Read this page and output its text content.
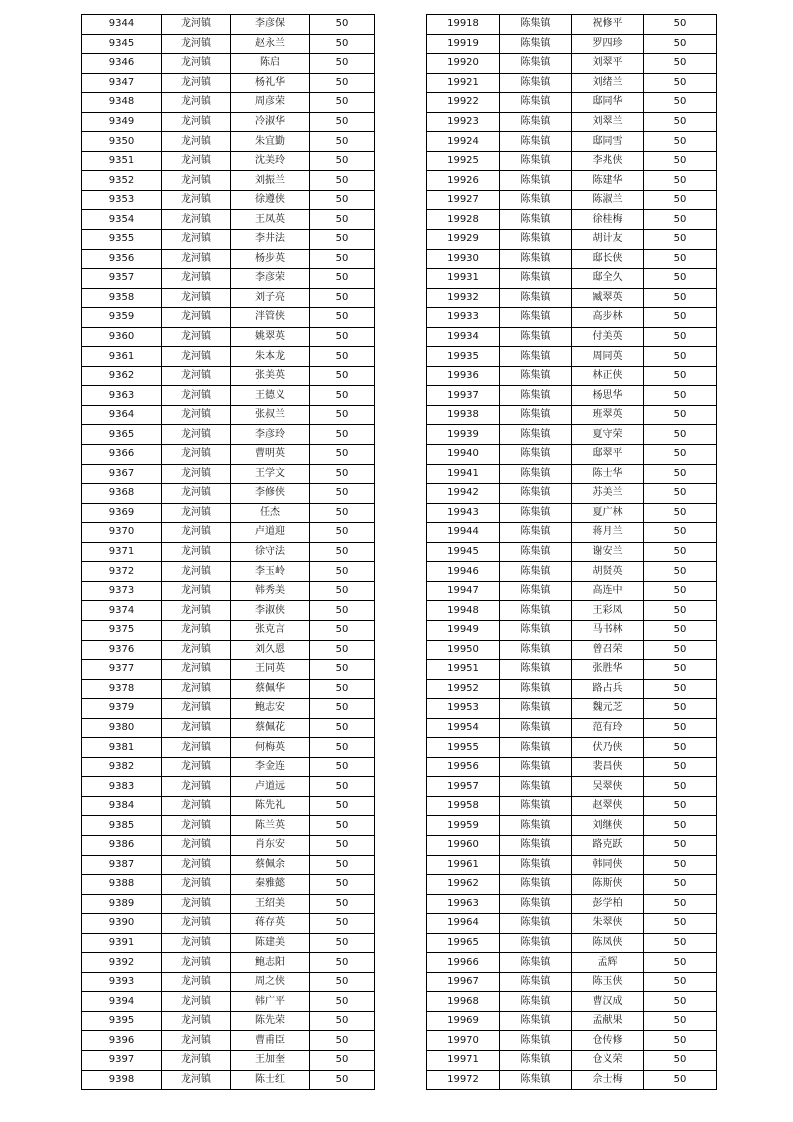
9344	龙河镇	李彦保	50
9345	龙河镇	赵永兰	50
9346	龙河镇	陈启	50
9347	龙河镇	杨礼华	50
9348	龙河镇	周彦荣	50
9349	龙河镇	冷淑华	50
9350	龙河镇	朱宜勤	50
9351	龙河镇	沈美玲	50
9352	龙河镇	刘振兰	50
9353	龙河镇	徐遵侠	50
9354	龙河镇	王凤英	50
9355	龙河镇	李井法	50
9356	龙河镇	杨步英	50
9357	龙河镇	李彦荣	50
9358	龙河镇	刘子亮	50
9359	龙河镇	泮管侠	50
9360	龙河镇	姚翠英	50
9361	龙河镇	朱本龙	50
9362	龙河镇	张美英	50
9363	龙河镇	王德义	50
9364	龙河镇	张叔兰	50
9365	龙河镇	李彦玲	50
9366	龙河镇	曹明英	50
9367	龙河镇	王学文	50
9368	龙河镇	李修侠	50
9369	龙河镇	任杰	50
9370	龙河镇	卢道迎	50
9371	龙河镇	徐守法	50
9372	龙河镇	李玉岭	50
9373	龙河镇	韩秀美	50
9374	龙河镇	李淑侠	50
9375	龙河镇	张克言	50
9376	龙河镇	刘久恩	50
9377	龙河镇	王同英	50
9378	龙河镇	蔡佩华	50
9379	龙河镇	鲍志安	50
9380	龙河镇	蔡佩花	50
9381	龙河镇	何梅英	50
9382	龙河镇	李金连	50
9383	龙河镇	卢道远	50
9384	龙河镇	陈先礼	50
9385	龙河镇	陈兰英	50
9386	龙河镇	肖东安	50
9387	龙河镇	蔡佩余	50
9388	龙河镇	秦雅懿	50
9389	龙河镇	王绍美	50
9390	龙河镇	蒋存英	50
9391	龙河镇	陈建美	50
9392	龙河镇	鲍志阳	50
9393	龙河镇	周之侠	50
9394	龙河镇	韩广平	50
9395	龙河镇	陈先荣	50
9396	龙河镇	曹甫臣	50
9397	龙河镇	王加奎	50
9398	龙河镇	陈士红	50
19918	陈集镇	祝修平	50
19919	陈集镇	罗四珍	50
19920	陈集镇	刘翠平	50
19921	陈集镇	刘绪兰	50
19922	陈集镇	邸同华	50
19923	陈集镇	刘翠兰	50
19924	陈集镇	邸同雪	50
19925	陈集镇	李兆侠	50
19926	陈集镇	陈建华	50
19927	陈集镇	陈淑兰	50
19928	陈集镇	徐桂梅	50
19929	陈集镇	胡计友	50
19930	陈集镇	邸长侠	50
19931	陈集镇	邸全久	50
19932	陈集镇	臧翠英	50
19933	陈集镇	高步林	50
19934	陈集镇	付美英	50
19935	陈集镇	周同英	50
19936	陈集镇	林正侠	50
19937	陈集镇	杨思华	50
19938	陈集镇	班翠英	50
19939	陈集镇	夏守荣	50
19940	陈集镇	邸翠平	50
19941	陈集镇	陈士华	50
19942	陈集镇	苏美兰	50
19943	陈集镇	夏广林	50
19944	陈集镇	蒋月兰	50
19945	陈集镇	谢安兰	50
19946	陈集镇	胡贤英	50
19947	陈集镇	高连中	50
19948	陈集镇	王彩凤	50
19949	陈集镇	马书林	50
19950	陈集镇	曾召荣	50
19951	陈集镇	张胜华	50
19952	陈集镇	路占兵	50
19953	陈集镇	魏元芝	50
19954	陈集镇	范有玲	50
19955	陈集镇	伏乃侠	50
19956	陈集镇	裴昌侠	50
19957	陈集镇	吴翠侠	50
19958	陈集镇	赵翠侠	50
19959	陈集镇	刘继侠	50
19960	陈集镇	路克跃	50
19961	陈集镇	韩同侠	50
19962	陈集镇	陈斯侠	50
19963	陈集镇	彭学柏	50
19964	陈集镇	朱翠侠	50
19965	陈集镇	陈凤侠	50
19966	陈集镇	孟辉	50
19967	陈集镇	陈玉侠	50
19968	陈集镇	曹汉成	50
19969	陈集镇	孟献果	50
19970	陈集镇	仓传修	50
19971	陈集镇	仓义荣	50
19972	陈集镇	佘士梅	50
